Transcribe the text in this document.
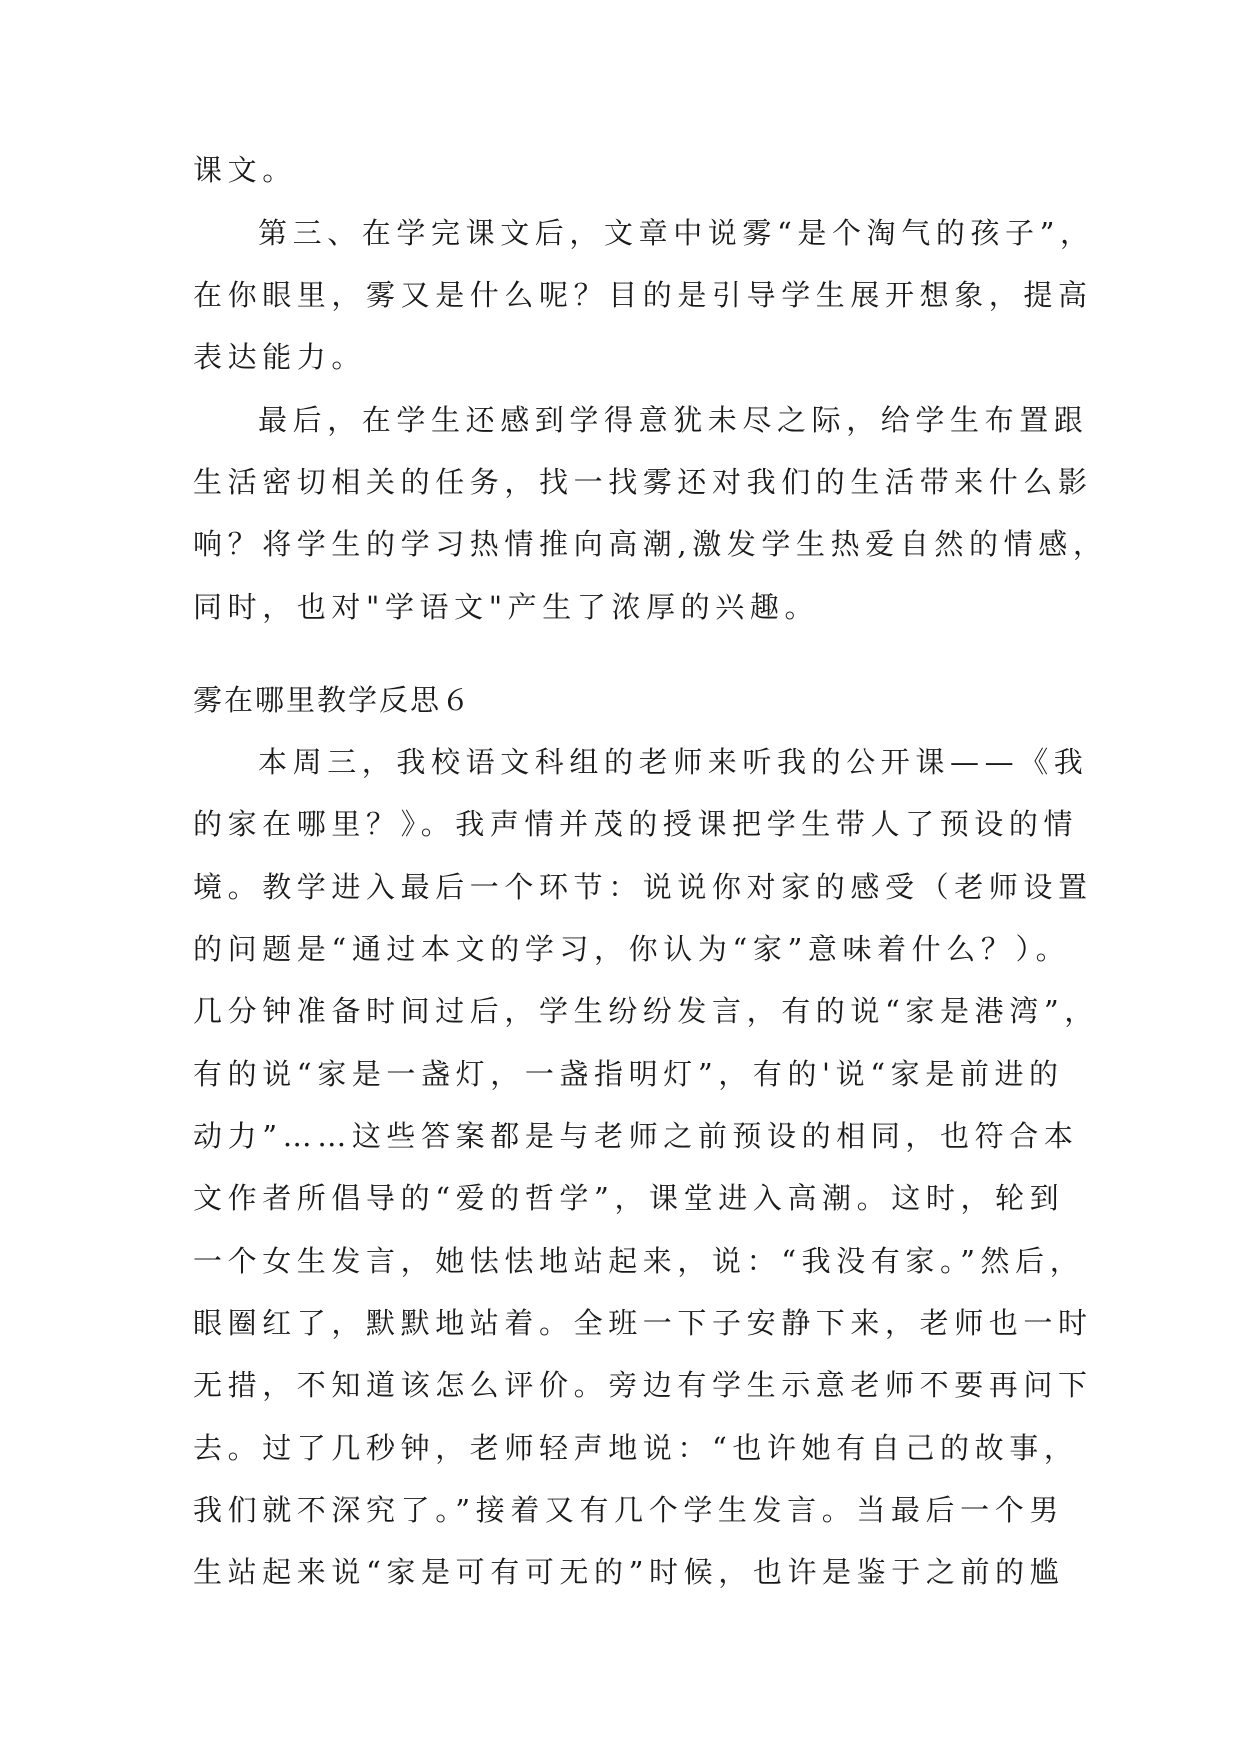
课文。
第三、在学完课文后，文章中说雾“是个淘气的孩子”，
在你眼里，雾又是什么呢？目的是引导学生展开想象，提高
表达能力。
最后，在学生还感到学得意犹未尽之际，给学生布置跟
生活密切相关的任务，找一找雾还对我们的生活带来什么影
响？将学生的学习热情推向高潮,激发学生热爱自然的情感，
同时，也对"学语文"产生了浓厚的兴趣。
雾在哪里教学反思６
本周三，我校语文科组的老师来听我的公开课——《我
的家在哪里？》。我声情并茂的授课把学生带人了预设的情
境。教学进入最后一个环节：说说你对家的感受（老师设置
的问题是“通过本文的学习，你认为“家”意味着什么？）。
几分钟准备时间过后，学生纷纷发言，有的说“家是港湾”，
有的说“家是一盏灯，一盏指明灯”，有的'说“家是前进的
动力”……这些答案都是与老师之前预设的相同，也符合本
文作者所倡导的“爱的哲学”，课堂进入高潮。这时，轮到
一个女生发言，她怯怯地站起来，说：“我没有家。”然后，
眼圈红了，默默地站着。全班一下子安静下来，老师也一时
无措，不知道该怎么评价。旁边有学生示意老师不要再问下
去。过了几秒钟，老师轻声地说：“也许她有自己的故事，
我们就不深究了。”接着又有几个学生发言。当最后一个男
生站起来说“家是可有可无的”时候，也许是鉴于之前的尴
